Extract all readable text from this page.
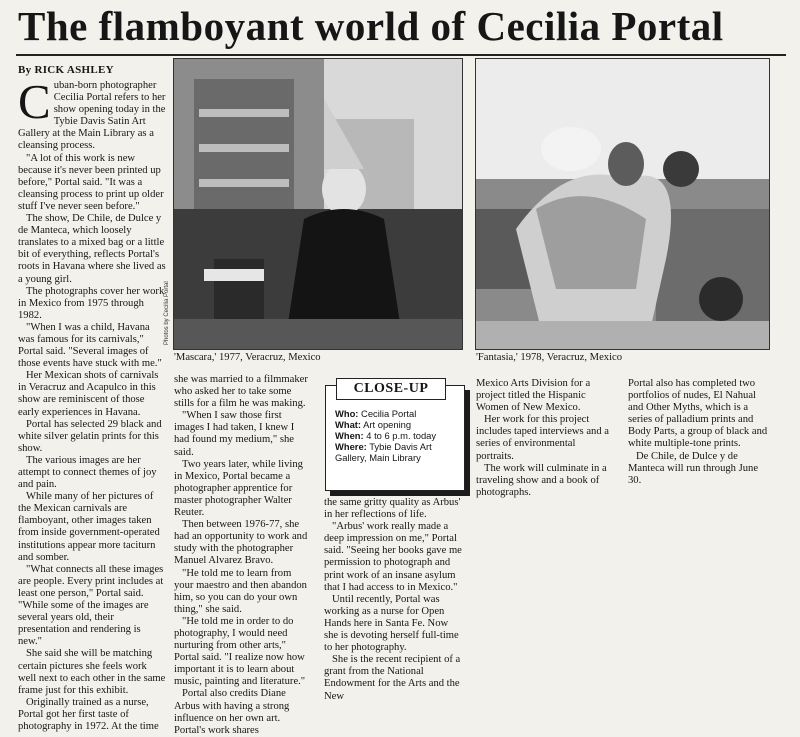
The flamboyant world of Cecilia Portal
By RICK ASHLEY
C uban-born photographer Cecilia Portal refers to her show opening today in the Tybie Davis Satin Art Gallery at the Main Library as a cleansing process.

"A lot of this work is new because it's never been printed up before," Portal said. "It was a cleansing process to print up older stuff I've never seen before."

The show, De Chile, de Dulce y de Manteca, which loosely translates to a mixed bag or a little bit of everything, reflects Portal's roots in Havana where she lived as a young girl.

The photographs cover her work in Mexico from 1975 through 1982.

"When I was a child, Havana was famous for its carnivals," Portal said. "Several images of those events have stuck with me."

Her Mexican shots of carnivals in Veracruz and Acapulco in this show are reminiscent of those early experiences in Havana.

Portal has selected 29 black and white silver gelatin prints for this show.

The various images are her attempt to connect themes of joy and pain.

While many of her pictures of the Mexican carnivals are flamboyant, other images taken from inside government-operated institutions appear more taciturn and somber.

"What connects all these images are people. Every print includes at least one person," Portal said. "While some of the images are several years old, their presentation and rendering is new."

She said she will be matching certain pictures she feels work well next to each other in the same frame just for this exhibit.

Originally trained as a nurse, Portal got her first taste of photography in 1972. At the time

Photos by Cecilia Portal
'Mascara,' 1977, Veracruz, Mexico	'Fantasia,' 1978, Veracruz, Mexico

she was married to a filmmaker who asked her to take some stills for a film he was making.

"When I saw those first images I had taken, I knew I had found my medium," she said.

Two years later, while living in Mexico, Portal became a photographer apprentice for master photographer Walter Reuter.

Then between 1976-77, she had an opportunity to work and study with the photographer Manuel Alvarez Bravo.

"He told me to learn from your maestro and then abandon him, so you can do your own thing," she said.

"He told me in order to do photography, I would need nurturing from other arts," Portal said. "I realize now how important it is to learn about music, painting and literature."

Portal also credits Diane Arbus with having a strong influence on her own art. Portal's work shares

CLOSE-UP
Who: Cecilia Portal
What: Art opening
When: 4 to 6 p.m. today
Where: Tybie Davis Art Gallery, Main Library

the same gritty quality as Arbus' in her reflections of life.

"Arbus' work really made a deep impression on me," Portal said. "Seeing her books gave me permission to photograph and print work of an insane asylum that I had access to in Mexico."

Until recently, Portal was working as a nurse for Open Hands here in Santa Fe. Now she is devoting herself full-time to her photography.

She is the recent recipient of a grant from the National Endowment for the Arts and the New

Mexico Arts Division for a project titled the Hispanic Women of New Mexico.

Her work for this project includes taped interviews and a series of environmental portraits.

The work will culminate in a traveling show and a book of photographs.

Portal also has completed two portfolios of nudes, El Nahual and Other Myths, which is a series of palladium prints and Body Parts, a group of black and white multiple-tone prints.

De Chile, de Dulce y de Manteca will run through June 30.
